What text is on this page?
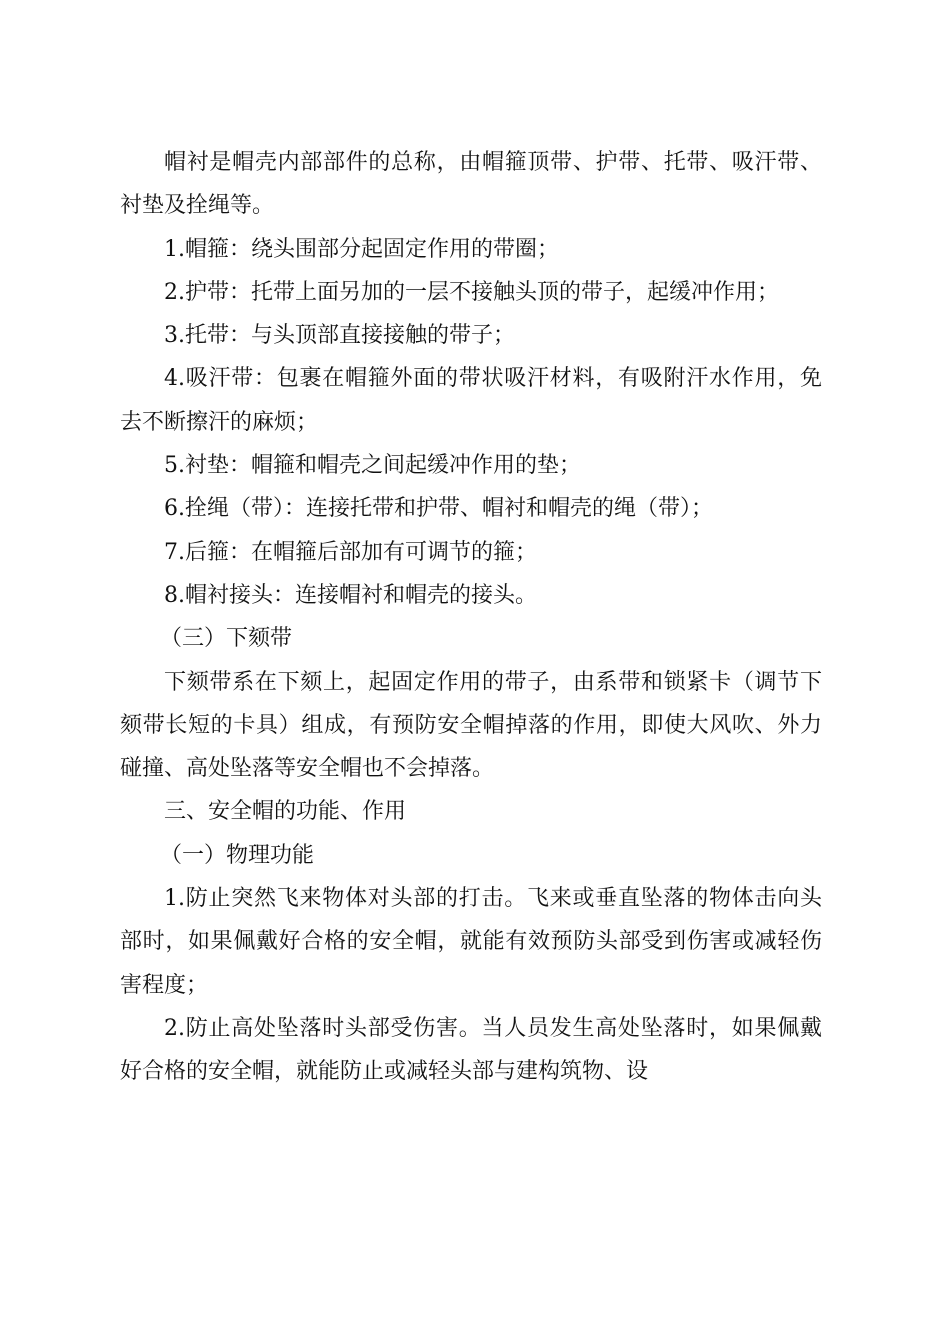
帽衬是帽壳内部部件的总称，由帽箍顶带、护带、托带、吸汗带、衬垫及拴绳等。

1.帽箍：绕头围部分起固定作用的带圈；

2.护带：托带上面另加的一层不接触头顶的带子，起缓冲作用；

3.托带：与头顶部直接接触的带子；

4.吸汗带：包裹在帽箍外面的带状吸汗材料，有吸附汗水作用，免去不断擦汗的麻烦；

5.衬垫：帽箍和帽壳之间起缓冲作用的垫；

6.拴绳（带）：连接托带和护带、帽衬和帽壳的绳（带）；

7.后箍：在帽箍后部加有可调节的箍；

8.帽衬接头：连接帽衬和帽壳的接头。

（三）下颏带

下颏带系在下颏上，起固定作用的带子，由系带和锁紧卡（调节下颏带长短的卡具）组成，有预防安全帽掉落的作用，即使大风吹、外力碰撞、高处坠落等安全帽也不会掉落。

三、安全帽的功能、作用

（一）物理功能

1.防止突然飞来物体对头部的打击。飞来或垂直坠落的物体击向头部时，如果佩戴好合格的安全帽，就能有效预防头部受到伤害或减轻伤害程度；

2.防止高处坠落时头部受伤害。当人员发生高处坠落时，如果佩戴好合格的安全帽，就能防止或减轻头部与建构筑物、设
